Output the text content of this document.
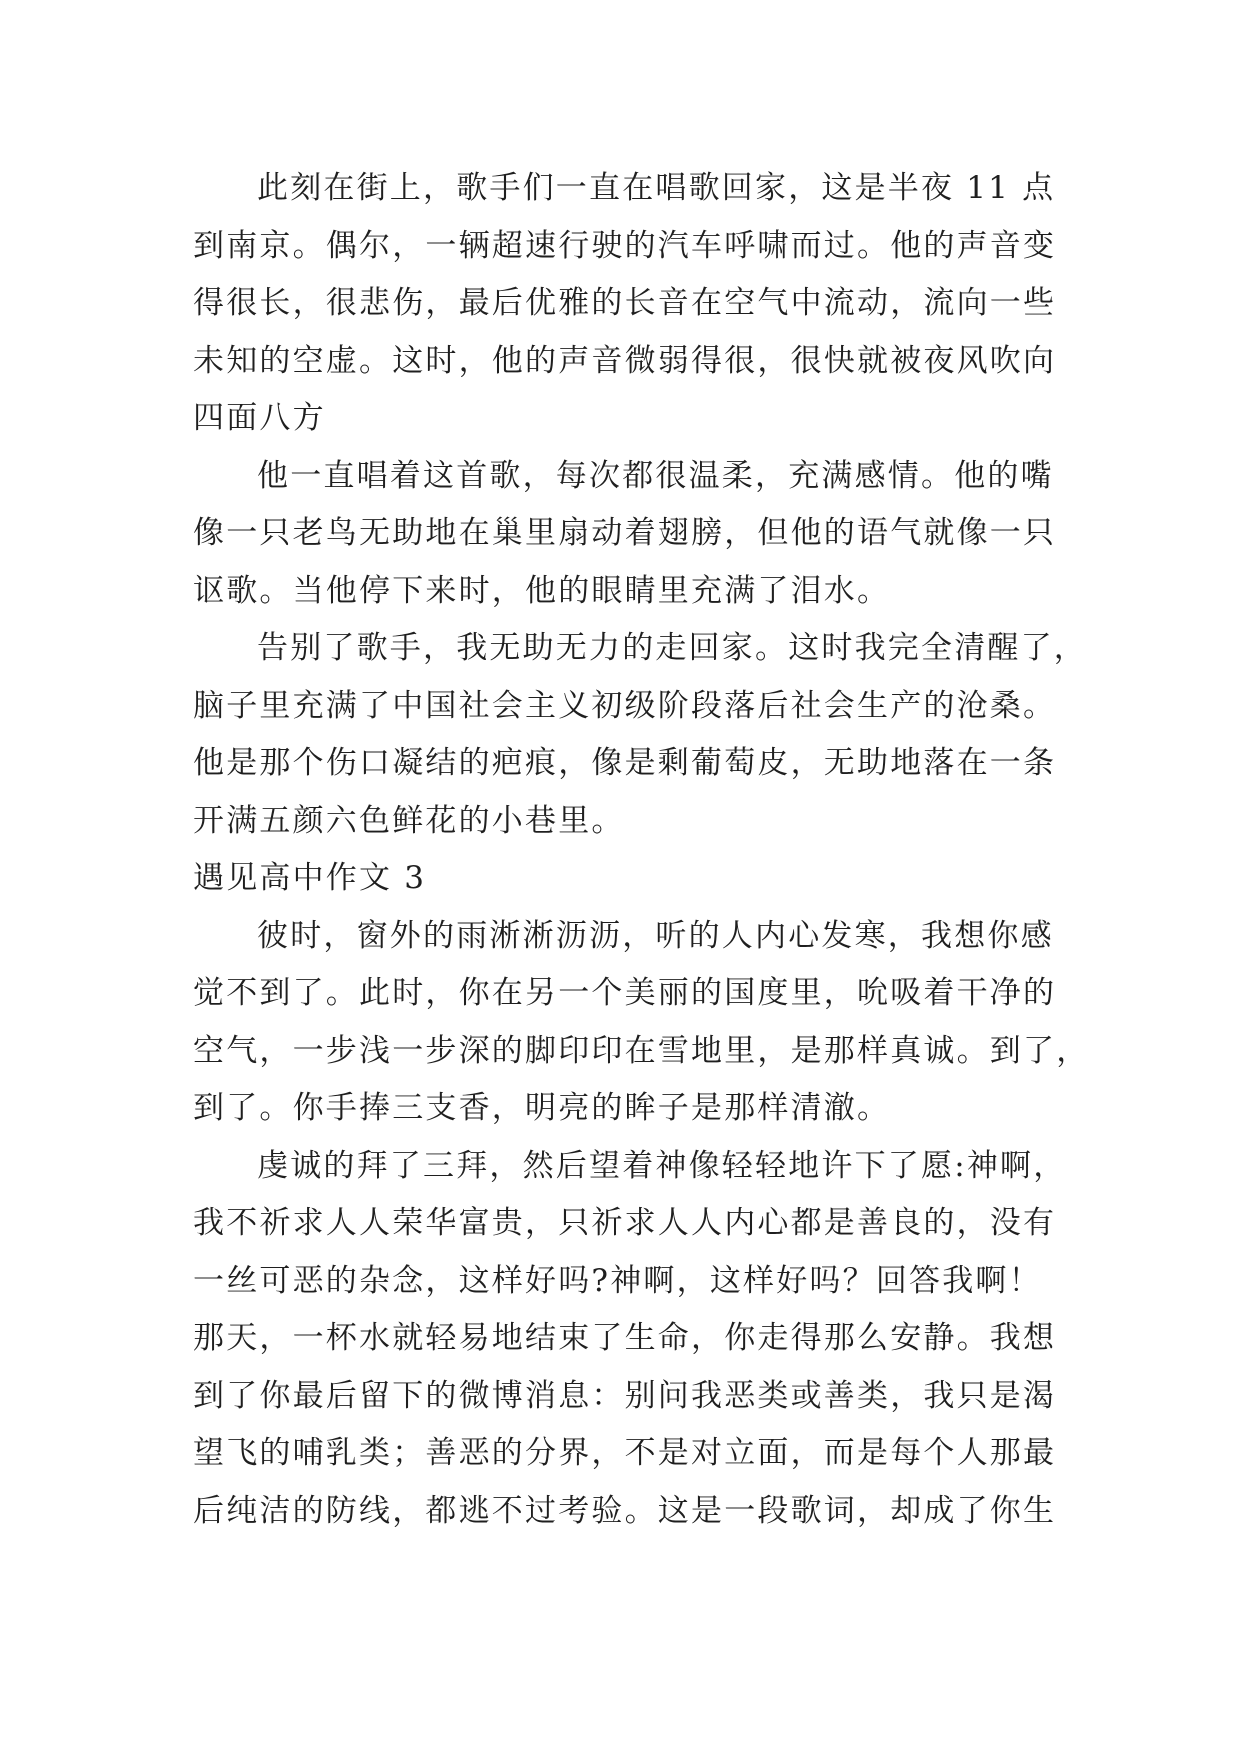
此刻在街上，歌手们一直在唱歌回家，这是半夜 11 点
到南京。偶尔，一辆超速行驶的汽车呼啸而过。他的声音变
得很长，很悲伤，最后优雅的长音在空气中流动，流向一些
未知的空虚。这时，他的声音微弱得很，很快就被夜风吹向
四面八方
他一直唱着这首歌，每次都很温柔，充满感情。他的嘴
像一只老鸟无助地在巢里扇动着翅膀，但他的语气就像一只
讴歌。当他停下来时，他的眼睛里充满了泪水。
告别了歌手，我无助无力的走回家。这时我完全清醒了，
脑子里充满了中国社会主义初级阶段落后社会生产的沧桑。
他是那个伤口凝结的疤痕，像是剩葡萄皮，无助地落在一条
开满五颜六色鲜花的小巷里。
遇见高中作文 3
彼时，窗外的雨淅淅沥沥，听的人内心发寒，我想你感
觉不到了。此时，你在另一个美丽的国度里，吮吸着干净的
空气，一步浅一步深的脚印印在雪地里，是那样真诚。到了，
到了。你手捧三支香，明亮的眸子是那样清澈。
虔诚的拜了三拜，然后望着神像轻轻地许下了愿:神啊，
我不祈求人人荣华富贵，只祈求人人内心都是善良的，没有
一丝可恶的杂念，这样好吗?神啊，这样好吗？回答我啊！
那天，一杯水就轻易地结束了生命，你走得那么安静。我想
到了你最后留下的微博消息：别问我恶类或善类，我只是渴
望飞的哺乳类；善恶的分界，不是对立面，而是每个人那最
后纯洁的防线，都逃不过考验。这是一段歌词，却成了你生
